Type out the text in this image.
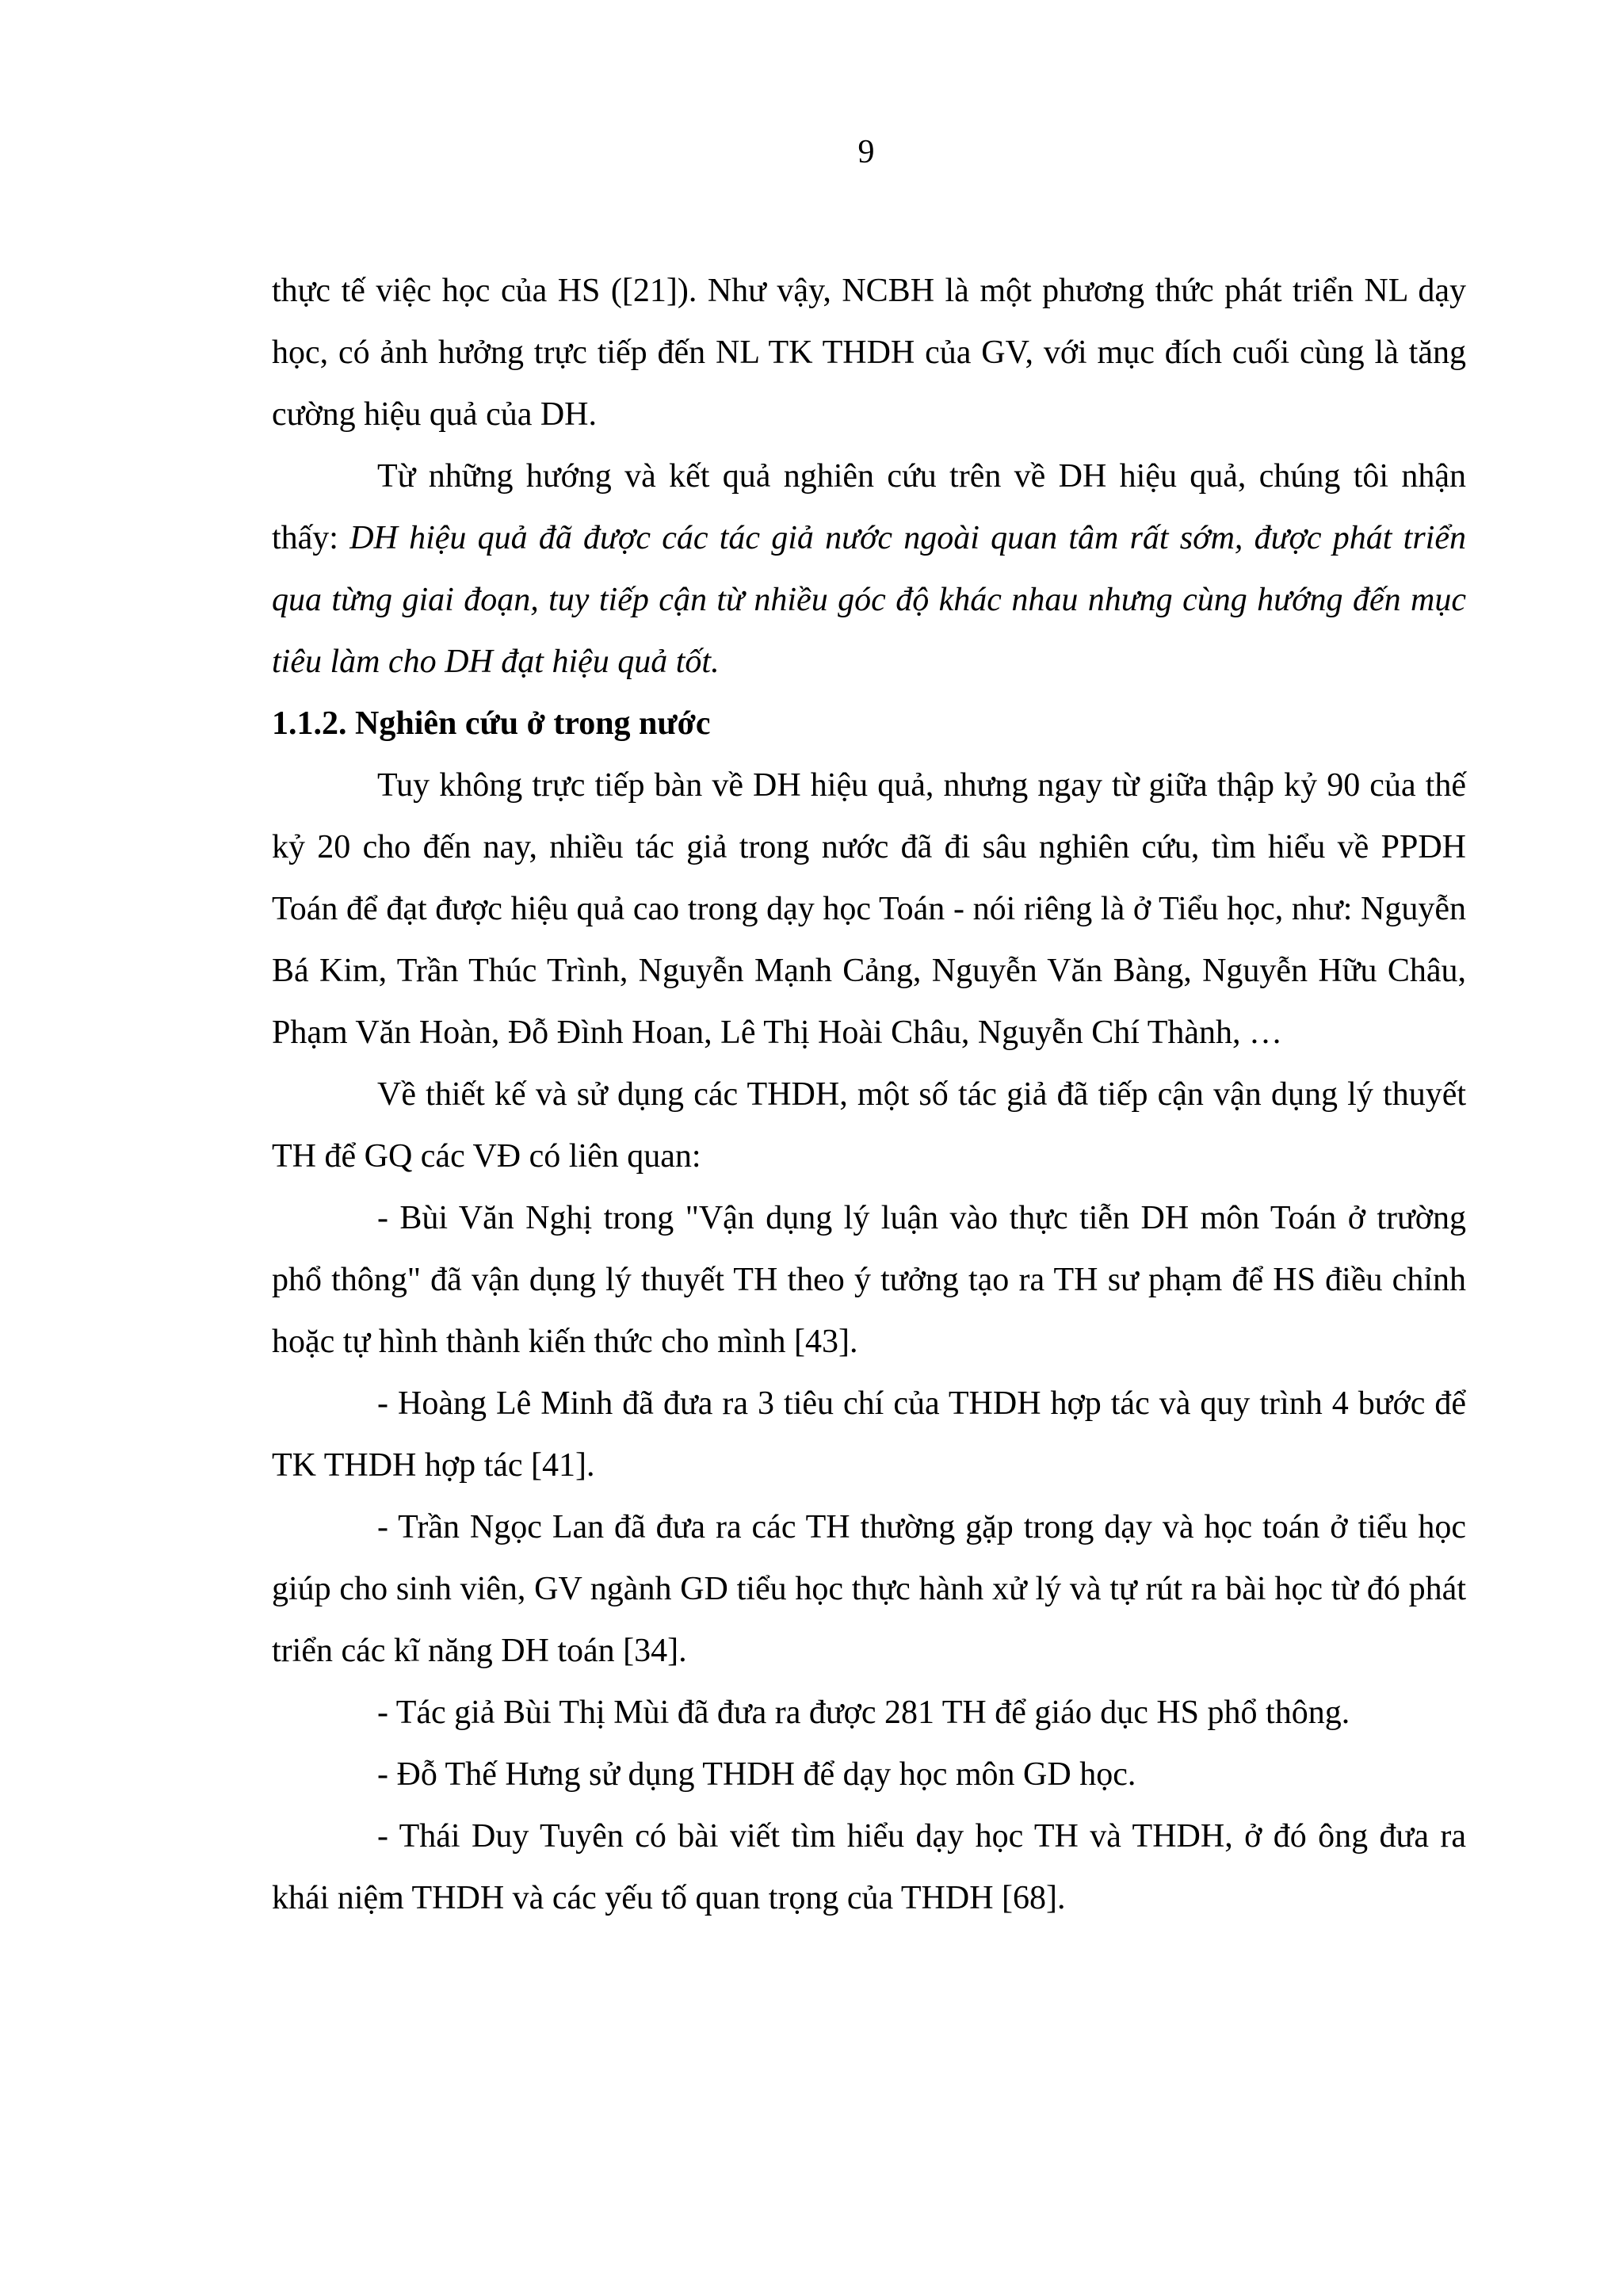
9

thực tế việc học của HS ([21]). Như vậy, NCBH là một phương thức phát triển NL dạy học, có ảnh hưởng trực tiếp đến NL TK THDH của GV, với mục đích cuối cùng là tăng cường hiệu quả của DH.

Từ những hướng và kết quả nghiên cứu trên về DH hiệu quả, chúng tôi nhận thấy: DH hiệu quả đã được các tác giả nước ngoài quan tâm rất sớm, được phát triển qua từng giai đoạn, tuy tiếp cận từ nhiều góc độ khác nhau nhưng cùng hướng đến mục tiêu làm cho DH đạt hiệu quả tốt.

1.1.2. Nghiên cứu ở trong nước

Tuy không trực tiếp bàn về DH hiệu quả, nhưng ngay từ giữa thập kỷ 90 của thế kỷ 20 cho đến nay, nhiều tác giả trong nước đã đi sâu nghiên cứu, tìm hiểu về PPDH Toán để đạt được hiệu quả cao trong dạy học Toán - nói riêng là ở Tiểu học, như: Nguyễn Bá Kim, Trần Thúc Trình, Nguyễn Mạnh Cảng, Nguyễn Văn Bàng, Nguyễn Hữu Châu, Phạm Văn Hoàn, Đỗ Đình Hoan, Lê Thị Hoài Châu, Nguyễn Chí Thành, …

Về thiết kế và sử dụng các THDH, một số tác giả đã tiếp cận vận dụng lý thuyết TH để GQ các VĐ có liên quan:

- Bùi Văn Nghị trong "Vận dụng lý luận vào thực tiễn DH môn Toán ở trường phổ thông" đã vận dụng lý thuyết TH theo ý tưởng tạo ra TH sư phạm để HS điều chỉnh hoặc tự hình thành kiến thức cho mình [43].

- Hoàng Lê Minh đã đưa ra 3 tiêu chí của THDH hợp tác và quy trình 4 bước để TK THDH hợp tác [41].

- Trần Ngọc Lan đã đưa ra các TH thường gặp trong dạy và học toán ở tiểu học giúp cho sinh viên, GV ngành GD tiểu học thực hành xử lý và tự rút ra bài học từ đó phát triển các kĩ năng DH toán [34].

- Tác giả Bùi Thị Mùi đã đưa ra được 281 TH để giáo dục HS phổ thông.

- Đỗ Thế Hưng sử dụng THDH để dạy học môn GD học.

- Thái Duy Tuyên có bài viết tìm hiểu dạy học TH và THDH, ở đó ông đưa ra khái niệm THDH và các yếu tố quan trọng của THDH [68].
